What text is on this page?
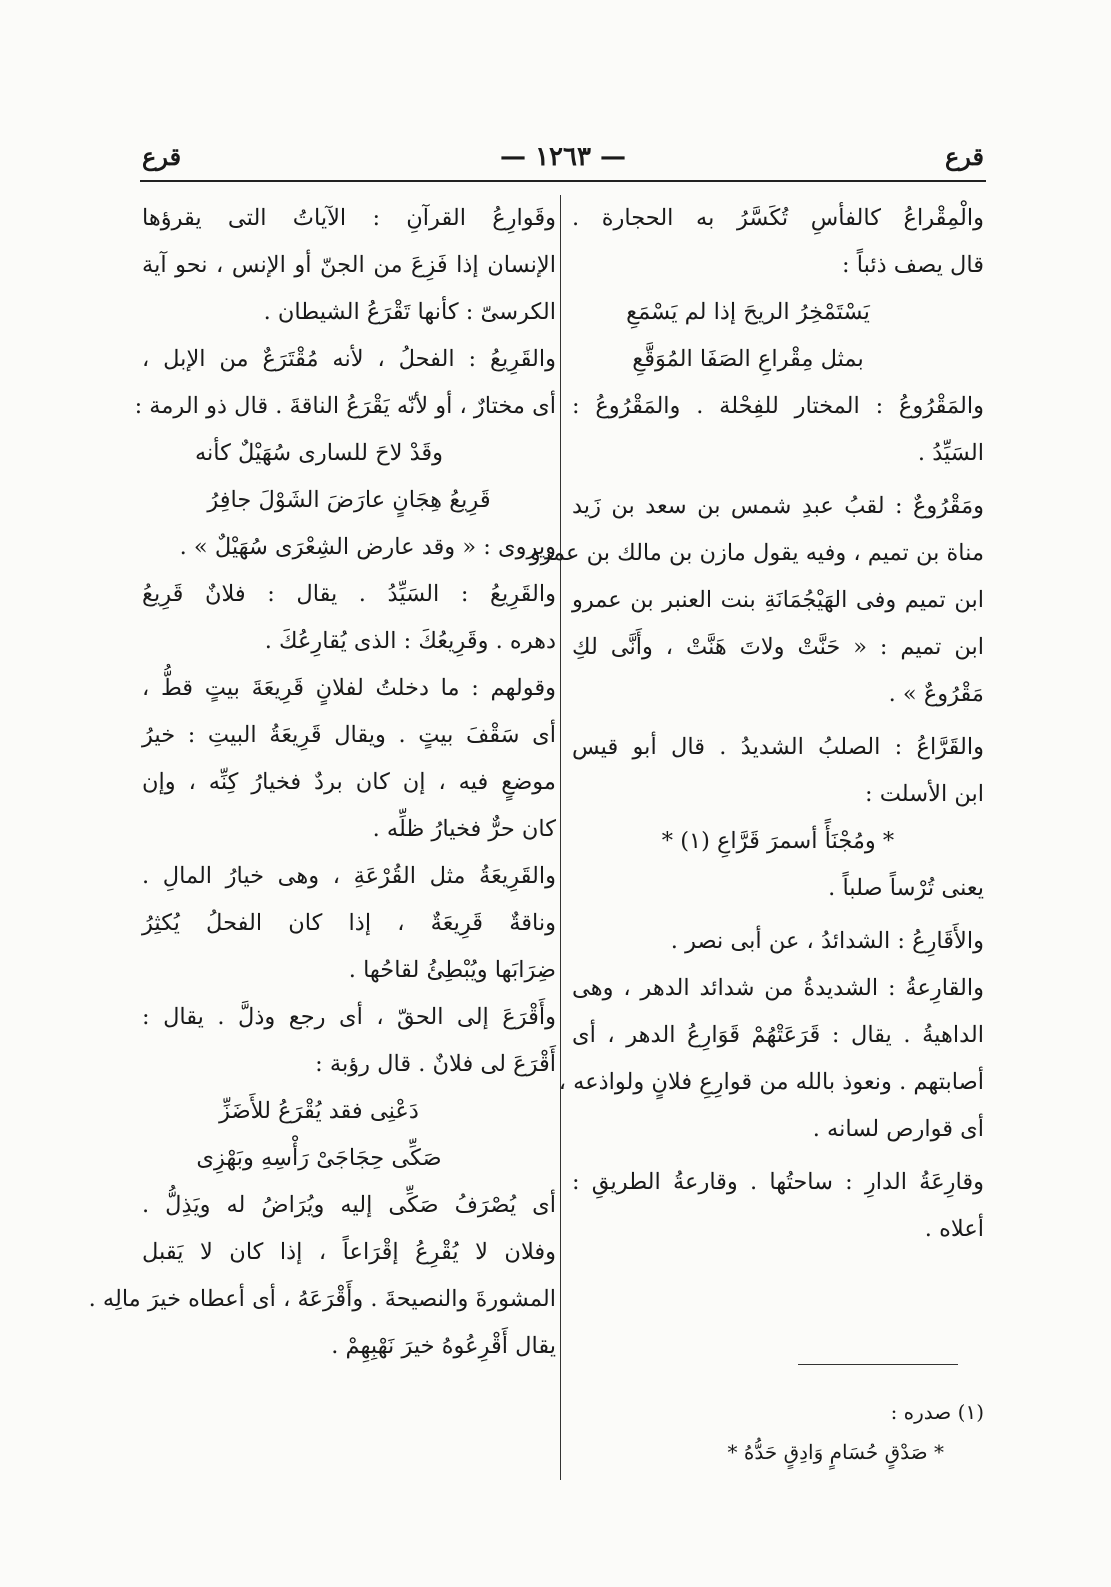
قرع	— ١٢٦٣ —	قرع
والْمِقْراعُ كالفأسِ تُكَسَّرُ به الحجارة .
قال يصف ذئباً :
يَسْتَمْخِرُ الريحَ إذا لم يَسْمَعِ
بمثل مِقْراعِ الصَفَا المُوَقَّعِ
والمَقْرُوعُ : المختار للفِحْلة . والمَقْرُوعُ :
السَيِّدُ .
ومَقْرُوعٌ : لقبُ عبدِ شمس بن سعد بن زَيد
مناة بن تميم ، وفيه يقول مازن بن مالك بن عمرو
ابن تميم وفى الهَيْجُمَانَةِ بنت العنبر بن عمرو
ابن تميم : « حَنَّتْ ولاتَ هَنَّتْ ، وأَنَّى لكِ
مَقْرُوعٌ » .
والقَرَّاعُ : الصلبُ الشديدُ . قال أبو قيس
ابن الأسلت :
* ومُجْنَأً أسمرَ قَرَّاعِ (١) *
يعنى تُرْساً صلباً .
والأَقَارِعُ : الشدائدُ ، عن أبى نصر .
والقارِعةُ : الشديدةُ من شدائد الدهر ، وهى
الداهيةُ . يقال : قَرَعَتْهُمْ قَوَارِعُ الدهر ، أى
أصابتهم . ونعوذ بالله من قوارِعِ فلانٍ ولواذعه ،
أى قوارص لسانه .
وقارِعَةُ الدارِ : ساحتُها . وقارعةُ الطريقِ :
أعلاه .
وقَوارِعُ القرآنِ : الآياتُ التى يقرؤها
الإنسان إذا فَزِعَ من الجنّ أو الإنس ، نحو آية
الكرسىّ : كأنها تَقْرَعُ الشيطان .
والقَرِيعُ : الفحلُ ، لأنه مُقْتَرَعٌ من الإبل ،
أى مختارٌ ، أو لأنّه يَقْرَعُ الناقةَ . قال ذو الرمة :
وقَدْ لاحَ للسارى سُهَيْلٌ كأنه
قَرِيعُ هِجَانٍ عارَضَ الشَوْلَ جافِرُ
ويروى : « وقد عارض الشِعْرَى سُهَيْلٌ » .
والقَرِيعُ : السَيِّدُ . يقال : فلانٌ قَرِيعُ
دهره . وقَرِيعُكَ : الذى يُقارِعُكَ .
وقولهم : ما دخلتُ لفلانٍ قَرِيعَةَ بيتٍ قطُّ ،
أى سَقْفَ بيتٍ . ويقال قَرِيعَةُ البيتِ : خيرُ
موضعٍ فيه ، إن كان بردٌ فخيارُ كِنِّه ، وإن
كان حرٌّ فخيارُ ظلِّه .
والقَرِيعَةُ مثل القُرْعَةِ ، وهى خيارُ المالِ .
وناقةٌ قَرِيعَةٌ ، إذا كان الفحلُ يُكثِرُ
ضِرَابَها ويُبْطِئُ لقاحُها .
وأَقْرَعَ إلى الحقّ ، أى رجع وذلَّ . يقال :
أَقْرَعَ لى فلانٌ . قال رؤبة :
دَعْنِى فقد يُقْرَعُ للأَضَزِّ
صَكِّى حِجَاجَىْ رَأْسِهِ وبَهْزِى
أى يُصْرَفُ صَكِّى إليه ويُرَاضُ له ويَذِلُّ .
وفلان لا يُقْرِعُ إقْرَاعاً ، إذا كان لا يَقبل
المشورةَ والنصيحةَ . وأَقْرَعَهُ ، أى أعطاه خيرَ مالِه .
يقال أَقْرِعُوهُ خيرَ نَهْبِهِمْ .
(١) صدره :
* صَدْقٍ حُسَامٍ وَادِقٍ حَدُّهُ *
